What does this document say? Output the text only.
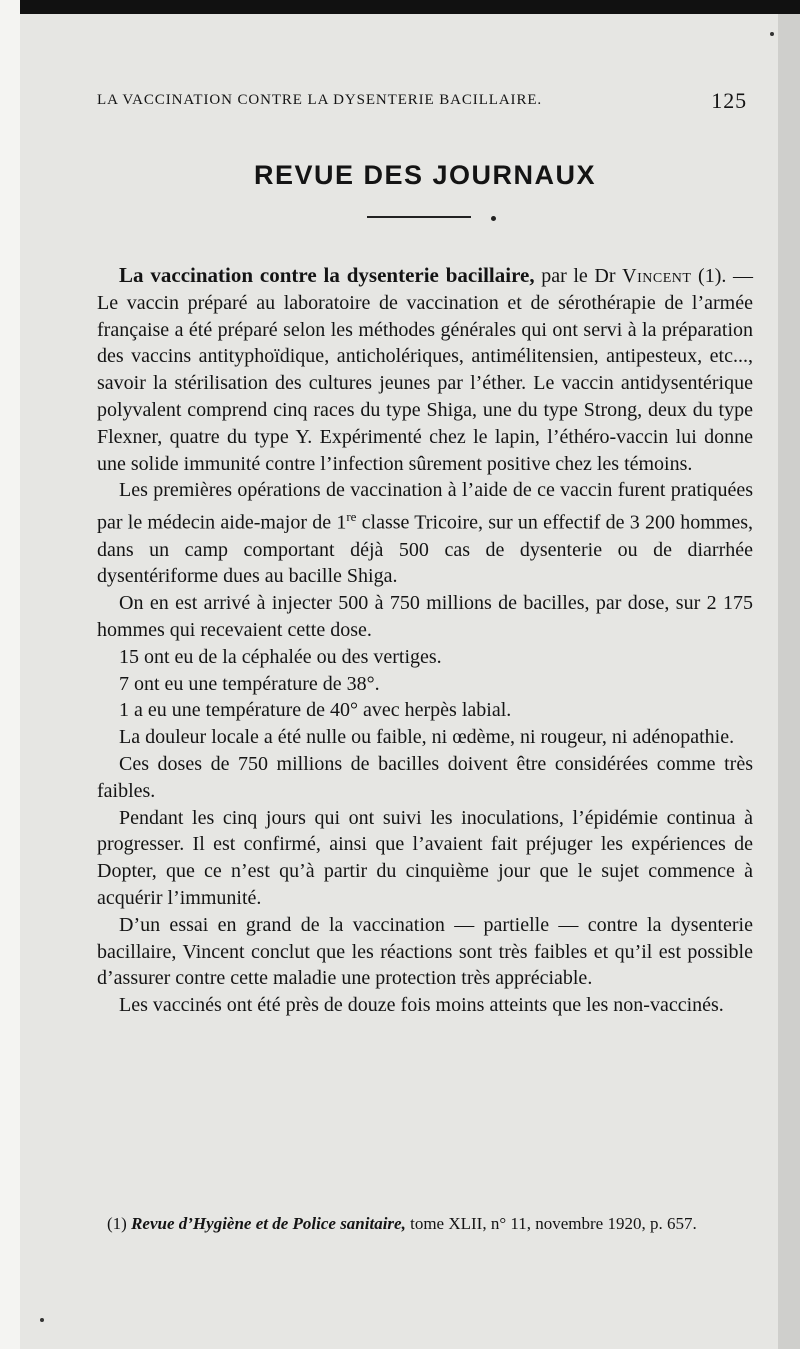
LA VACCINATION CONTRE LA DYSENTERIE BACILLAIRE.	125
REVUE DES JOURNAUX

La vaccination contre la dysenterie bacillaire, par le Dr Vincent (1). — Le vaccin préparé au laboratoire de vaccination et de sérothérapie de l’armée française a été préparé selon les méthodes générales qui ont servi à la préparation des vaccins antityphoïdique, anticholériques, antimélitensien, antipesteux, etc..., savoir la stérilisation des cultures jeunes par l’éther. Le vaccin antidysentérique polyvalent comprend cinq races du type Shiga, une du type Strong, deux du type Flexner, quatre du type Y. Expérimenté chez le lapin, l’éthéro-vaccin lui donne une solide immunité contre l’infection sûrement positive chez les témoins.

Les premières opérations de vaccination à l’aide de ce vaccin furent pratiquées par le médecin aide-major de 1re classe Tricoire, sur un effectif de 3 200 hommes, dans un camp comportant déjà 500 cas de dysenterie ou de diarrhée dysentériforme dues au bacille Shiga.

On en est arrivé à injecter 500 à 750 millions de bacilles, par dose, sur 2 175 hommes qui recevaient cette dose.

15 ont eu de la céphalée ou des vertiges.

7 ont eu une température de 38°.

1 a eu une température de 40° avec herpès labial.

La douleur locale a été nulle ou faible, ni œdème, ni rougeur, ni adénopathie.

Ces doses de 750 millions de bacilles doivent être considérées comme très faibles.

Pendant les cinq jours qui ont suivi les inoculations, l’épidémie continua à progresser. Il est confirmé, ainsi que l’avaient fait préjuger les expériences de Dopter, que ce n’est qu’à partir du cinquième jour que le sujet commence à acquérir l’immunité.

D’un essai en grand de la vaccination — partielle — contre la dysenterie bacillaire, Vincent conclut que les réactions sont très faibles et qu’il est possible d’assurer contre cette maladie une protection très appréciable.

Les vaccinés ont été près de douze fois moins atteints que les non-vaccinés.

(1) Revue d’Hygiène et de Police sanitaire, tome XLII, n° 11, novembre 1920, p. 657.
